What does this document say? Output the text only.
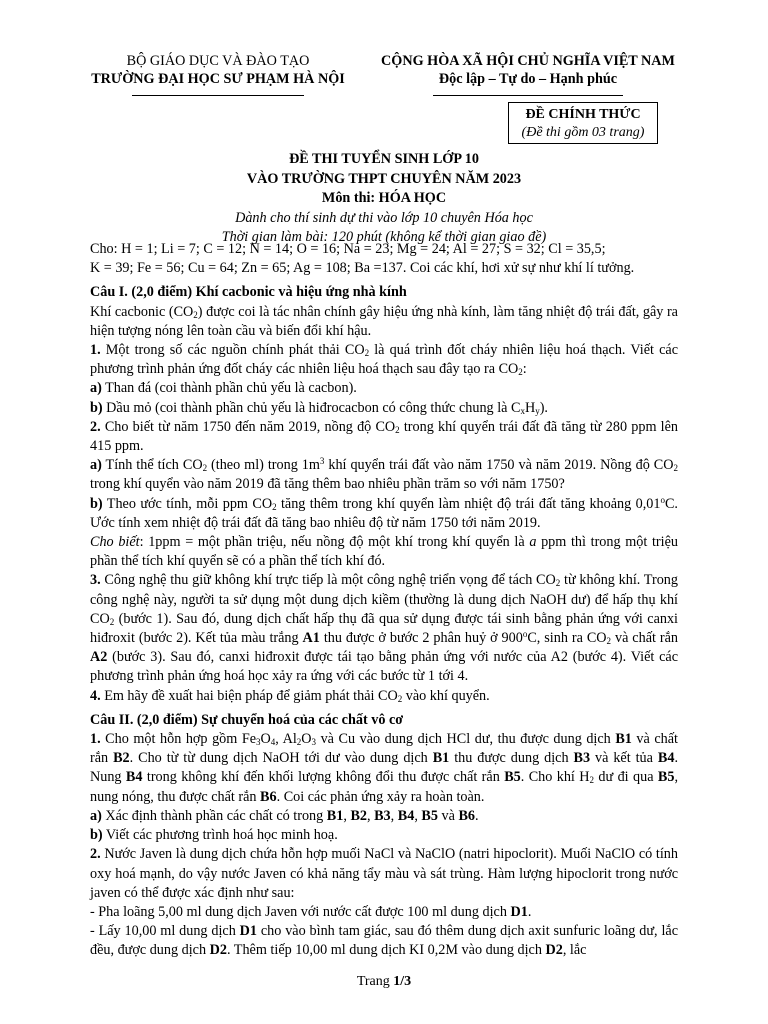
BỘ GIÁO DỤC VÀ ĐÀO TẠO
TRƯỜNG ĐẠI HỌC SƯ PHẠM HÀ NỘI
CỘNG HÒA XÃ HỘI CHỦ NGHĨA VIỆT NAM
Độc lập – Tự do – Hạnh phúc
ĐỀ CHÍNH THỨC
(Đề thi gồm 03 trang)
ĐỀ THI TUYỂN SINH LỚP 10
VÀO TRƯỜNG THPT CHUYÊN NĂM 2023
Môn thi: HÓA HỌC
Dành cho thí sinh dự thi vào lớp 10 chuyên Hóa học
Thời gian làm bài: 120 phút (không kể thời gian giao đề)

Cho: H = 1; Li = 7; C = 12; N = 14; O = 16; Na = 23; Mg = 24; Al = 27; S = 32; Cl = 35,5;

K = 39; Fe = 56; Cu = 64; Zn = 65; Ag = 108; Ba =137. Coi các khí, hơi xử sự như khí lí tưởng.

Câu I. (2,0 điểm) Khí cacbonic và hiệu ứng nhà kính

Khí cacbonic $(CO_2)$ được coi là tác nhân chính gây hiệu ứng nhà kính, làm tăng nhiệt độ trái đất, gây ra hiện tượng nóng lên toàn cầu và biến đổi khí hậu.

1. Một trong số các nguồn chính phát thải $CO_2$ là quá trình đốt cháy nhiên liệu hoá thạch. Viết các phương trình phản ứng đốt cháy các nhiên liệu hoá thạch sau đây tạo ra $CO_2$:

a) Than đá (coi thành phần chủ yếu là cacbon).

b) Dầu mỏ (coi thành phần chủ yếu là hiđrocacbon có công thức chung là $C_xH_y$).

2. Cho biết từ năm 1750 đến năm 2019, nồng độ $CO_2$ trong khí quyển trái đất đã tăng từ 280 ppm lên 415 ppm.

a) Tính thể tích $CO_2$ (theo ml) trong $1m^3$ khí quyển trái đất vào năm 1750 và năm 2019. Nồng độ $CO_2$ trong khí quyển vào năm 2019 đã tăng thêm bao nhiêu phần trăm so với năm 1750?

b) Theo ước tính, mỗi ppm $CO_2$ tăng thêm trong khí quyển làm nhiệt độ trái đất tăng khoảng 0,01$^o$C. Ước tính xem nhiệt độ trái đất đã tăng bao nhiêu độ từ năm 1750 tới năm 2019.

Cho biết: 1ppm = một phần triệu, nếu nồng độ một khí trong khí quyển là a ppm thì trong một triệu phần thể tích khí quyển sẽ có a phần thể tích khí đó.

3. Công nghệ thu giữ không khí trực tiếp là một công nghệ triển vọng để tách $CO_2$ từ không khí. Trong công nghệ này, người ta sử dụng một dung dịch kiềm (thường là dung dịch NaOH dư) để hấp thụ khí $CO_2$ (bước 1). Sau đó, dung dịch chất hấp thụ đã qua sử dụng được tái sinh bằng phản ứng với canxi hiđroxit (bước 2). Kết tủa màu trắng A1 thu được ở bước 2 phân huỷ ở 900$^o$C, sinh ra $CO_2$ và chất rắn A2 (bước 3). Sau đó, canxi hiđroxit được tái tạo bằng phản ứng với nước của A2 (bước 4). Viết các phương trình phản ứng hoá học xảy ra ứng với các bước từ 1 tới 4.

4. Em hãy đề xuất hai biện pháp để giảm phát thải $CO_2$ vào khí quyển.

Câu II. (2,0 điểm) Sự chuyển hoá của các chất vô cơ

1. Cho một hỗn hợp gồm $Fe_3O_4$, $Al_2O_3$ và Cu vào dung dịch HCl dư, thu được dung dịch B1 và chất rắn B2. Cho từ từ dung dịch NaOH tới dư vào dung dịch B1 thu được dung dịch B3 và kết tủa B4. Nung B4 trong không khí đến khối lượng không đổi thu được chất rắn B5. Cho khí $H_2$ dư đi qua B5, nung nóng, thu được chất rắn B6. Coi các phản ứng xảy ra hoàn toàn.

a) Xác định thành phần các chất có trong B1, B2, B3, B4, B5 và B6.

b) Viết các phương trình hoá học minh hoạ.

2. Nước Javen là dung dịch chứa hỗn hợp muối NaCl và NaClO (natri hipoclorit). Muối NaClO có tính oxy hoá mạnh, do vậy nước Javen có khả năng tẩy màu và sát trùng. Hàm lượng hipoclorit trong nước javen có thể được xác định như sau:

- Pha loãng 5,00 ml dung dịch Javen với nước cất được 100 ml dung dịch D1.

- Lấy 10,00 ml dung dịch D1 cho vào bình tam giác, sau đó thêm dung dịch axit sunfuric loãng dư, lắc đều, được dung dịch D2. Thêm tiếp 10,00 ml dung dịch KI 0,2M vào dung dịch D2, lắc

Trang 1/3
